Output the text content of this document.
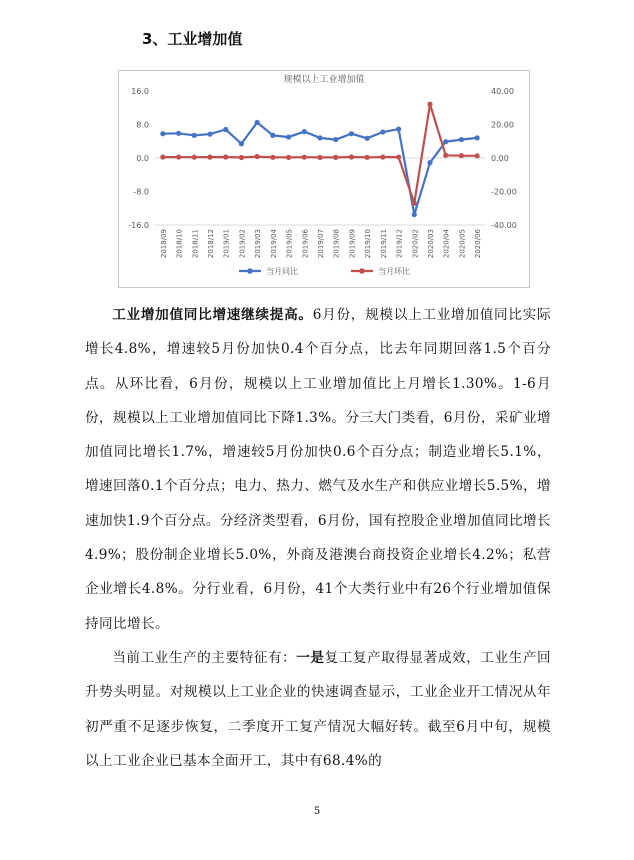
3、工业增加值
规模以上工业增加值
16.0
8.0
0.0
-8.0
-16.0
40.00
20.00
0.00
-20.00
-40.00
2018/09 2018/10 2018/11 2018/12 2019/01 2019/02 2019/03 2019/04 2019/05 2019/06 2019/07 2019/08 2019/09 2019/10 2019/11 2019/12 2020/02 2020/03 2020/04 2020/05 2020/06
当月同比	当月环比

工业增加值同比增速继续提高。6月份，规模以上工业增加值同比实际增长4.8%，增速较5月份加快0.4个百分点，比去年同期回落1.5个百分点。从环比看，6月份，规模以上工业增加值比上月增长1.30%。1-6月份，规模以上工业增加值同比下降1.3%。分三大门类看，6月份，采矿业增加值同比增长1.7%，增速较5月份加快0.6个百分点；制造业增长5.1%，增速回落0.1个百分点；电力、热力、燃气及水生产和供应业增长5.5%，增速加快1.9个百分点。分经济类型看，6月份，国有控股企业增加值同比增长4.9%；股份制企业增长5.0%，外商及港澳台商投资企业增长4.2%；私营企业增长4.8%。分行业看，6月份，41个大类行业中有26个行业增加值保持同比增长。

当前工业生产的主要特征有：一是复工复产取得显著成效，工业生产回升势头明显。对规模以上工业企业的快速调查显示，工业企业开工情况从年初严重不足逐步恢复，二季度开工复产情况大幅好转。截至6月中旬，规模以上工业企业已基本全面开工，其中有68.4%的

5
